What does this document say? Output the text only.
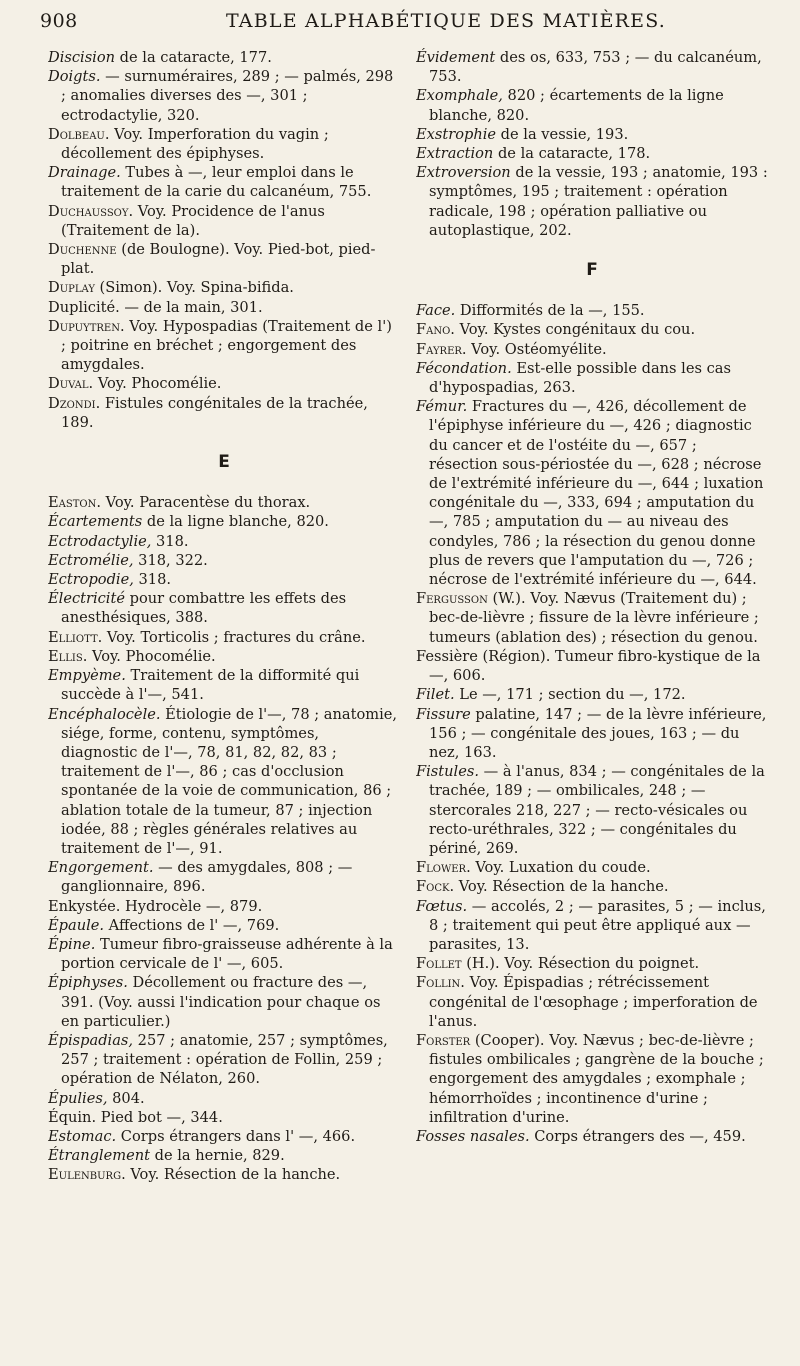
908	TABLE ALPHABÉTIQUE DES MATIÈRES.

Discision de la cataracte, 177.

Doigts. — surnuméraires, 289 ; — palmés, 298 ; anomalies diverses des —, 301 ; ectrodactylie, 320.

Dolbeau. Voy. Imperforation du vagin ; décollement des épiphyses.

Drainage. Tubes à —, leur emploi dans le traitement de la carie du calcanéum, 755.

Duchaussoy. Voy. Procidence de l'anus (Traitement de la).

Duchenne (de Boulogne). Voy. Pied-bot, pied-plat.

Duplay (Simon). Voy. Spina-bifida.

Duplicité. — de la main, 301.

Dupuytren. Voy. Hypospadias (Traitement de l') ; poitrine en bréchet ; engorgement des amygdales.

Duval. Voy. Phocomélie.

Dzondi. Fistules congénitales de la trachée, 189.

E

Easton. Voy. Paracentèse du thorax.

Écartements de la ligne blanche, 820.

Ectrodactylie, 318.

Ectromélie, 318, 322.

Ectropodie, 318.

Électricité pour combattre les effets des anesthésiques, 388.

Elliott. Voy. Torticolis ; fractures du crâne.

Ellis. Voy. Phocomélie.

Empyème. Traitement de la difformité qui succède à l'—, 541.

Encéphalocèle. Étiologie de l'—, 78 ; anatomie, siége, forme, contenu, symptômes, diagnostic de l'—, 78, 81, 82, 82, 83 ; traitement de l'—, 86 ; cas d'occlusion spontanée de la voie de communication, 86 ; ablation totale de la tumeur, 87 ; injection iodée, 88 ; règles générales relatives au traitement de l'—, 91.

Engorgement. — des amygdales, 808 ; — ganglionnaire, 896.

Enkystée. Hydrocèle —, 879.

Épaule. Affections de l' —, 769.

Épine. Tumeur fibro-graisseuse adhérente à la portion cervicale de l' —, 605.

Épiphyses. Décollement ou fracture des —, 391. (Voy. aussi l'indication pour chaque os en particulier.)

Épispadias, 257 ; anatomie, 257 ; symptômes, 257 ; traitement : opération de Follin, 259 ; opération de Nélaton, 260.

Épulies, 804.

Équin. Pied bot —, 344.

Estomac. Corps étrangers dans l' —, 466.

Étranglement de la hernie, 829.

Eulenburg. Voy. Résection de la hanche.

Évidement des os, 633, 753 ; — du calcanéum, 753.

Exomphale, 820 ; écartements de la ligne blanche, 820.

Exstrophie de la vessie, 193.

Extraction de la cataracte, 178.

Extroversion de la vessie, 193 ; anatomie, 193 : symptômes, 195 ; traitement : opération radicale, 198 ; opération palliative ou autoplastique, 202.

F

Face. Difformités de la —, 155.

Fano. Voy. Kystes congénitaux du cou.

Fayrer. Voy. Ostéomyélite.

Fécondation. Est-elle possible dans les cas d'hypospadias, 263.

Fémur. Fractures du —, 426, décollement de l'épiphyse inférieure du —, 426 ; diagnostic du cancer et de l'ostéite du —, 657 ; résection sous-périostée du —, 628 ; nécrose de l'extrémité inférieure du —, 644 ; luxation congénitale du —, 333, 694 ; amputation du —, 785 ; amputation du — au niveau des condyles, 786 ; la résection du genou donne plus de revers que l'amputation du —, 726 ; nécrose de l'extrémité inférieure du —, 644.

Fergusson (W.). Voy. Nævus (Traitement du) ; bec-de-lièvre ; fissure de la lèvre inférieure ; tumeurs (ablation des) ; résection du genou.

Fessière (Région). Tumeur fibro-kystique de la —, 606.

Filet. Le —, 171 ; section du —, 172.

Fissure palatine, 147 ; — de la lèvre inférieure, 156 ; — congénitale des joues, 163 ; — du nez, 163.

Fistules. — à l'anus, 834 ; — congénitales de la trachée, 189 ; — ombilicales, 248 ; — stercorales 218, 227 ; — recto-vésicales ou recto-uréthrales, 322 ; — congénitales du périné, 269.

Flower. Voy. Luxation du coude.

Fock. Voy. Résection de la hanche.

Fœtus. — accolés, 2 ; — parasites, 5 ; — inclus, 8 ; traitement qui peut être appliqué aux — parasites, 13.

Follet (H.). Voy. Résection du poignet.

Follin. Voy. Épispadias ; rétrécissement congénital de l'œsophage ; imperforation de l'anus.

Forster (Cooper). Voy. Nævus ; bec-de-lièvre ; fistules ombilicales ; gangrène de la bouche ; engorgement des amygdales ; exomphale ; hémorrhoïdes ; incontinence d'urine ; infiltration d'urine.

Fosses nasales. Corps étrangers des —, 459.
